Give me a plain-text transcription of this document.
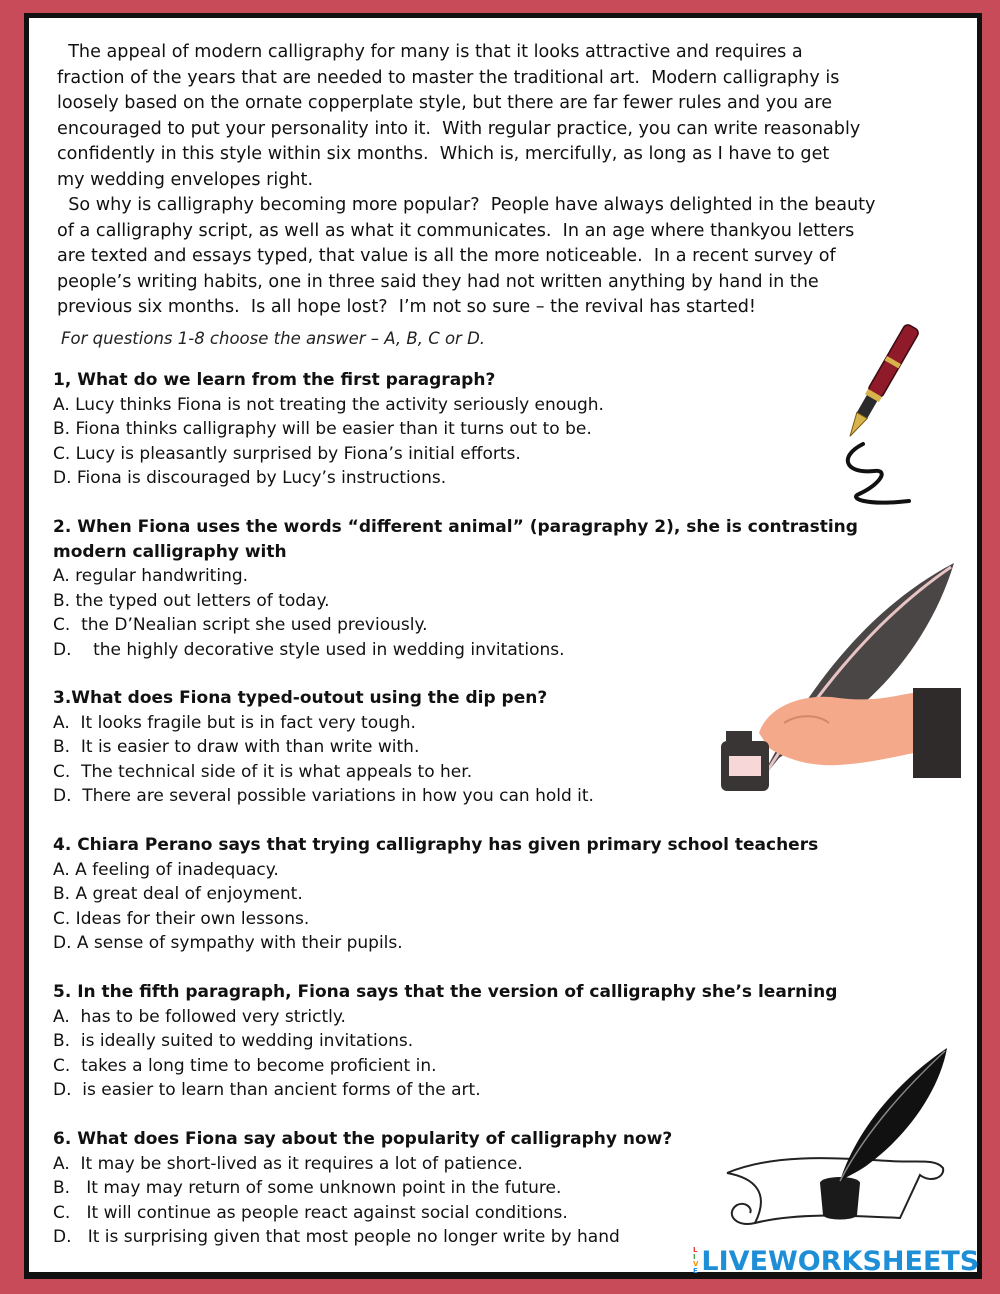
The appeal of modern calligraphy for many is that it looks attractive and requires a
fraction of the years that are needed to master the traditional art.  Modern calligraphy is
loosely based on the ornate copperplate style, but there are far fewer rules and you are
encouraged to put your personality into it.  With regular practice, you can write reasonably
confidently in this style within six months.  Which is, mercifully, as long as I have to get
my wedding envelopes right.

So why is calligraphy becoming more popular?  People have always delighted in the beauty
of a calligraphy script, as well as what it communicates.  In an age where thankyou letters
are texted and essays typed, that value is all the more noticeable.  In a recent survey of
people’s writing habits, one in three said they had not written anything by hand in the
previous six months.  Is all hope lost?  I’m not so sure – the revival has started!

For questions 1-8 choose the answer – A, B, C or D.

1, What do we learn from the first paragraph?

A. Lucy thinks Fiona is not treating the activity seriously enough.

B. Fiona thinks calligraphy will be easier than it turns out to be.

C. Lucy is pleasantly surprised by Fiona’s initial efforts.

D. Fiona is discouraged by Lucy’s instructions.

2. When Fiona uses the words “different animal” (paragraphy 2), she is contrasting
modern calligraphy with

A. regular handwriting.

B. the typed out letters of today.

C.  the D’Nealian script she used previously.

D.    the highly decorative style used in wedding invitations.

3.What does Fiona typed-outout using the dip pen?

A.  It looks fragile but is in fact very tough.

B.  It is easier to draw with than write with.

C.  The technical side of it is what appeals to her.

D.  There are several possible variations in how you can hold it.

4. Chiara Perano says that trying calligraphy has given primary school teachers

A. A feeling of inadequacy.

B. A great deal of enjoyment.

C. Ideas for their own lessons.

D. A sense of sympathy with their pupils.

5. In the fifth paragraph, Fiona says that the version of calligraphy she’s learning

A.  has to be followed very strictly.

B.  is ideally suited to wedding invitations.

C.  takes a long time to become proficient in.

D.  is easier to learn than ancient forms of the art.

6. What does Fiona say about the popularity of calligraphy now?

A.  It may be short-lived as it requires a lot of patience.

B.   It may may return of some unknown point in the future.

C.   It will continue as people react against social conditions.

D.   It is surprising given that most people no longer write by hand

L
I
V
E LIVEWORKSHEETS
